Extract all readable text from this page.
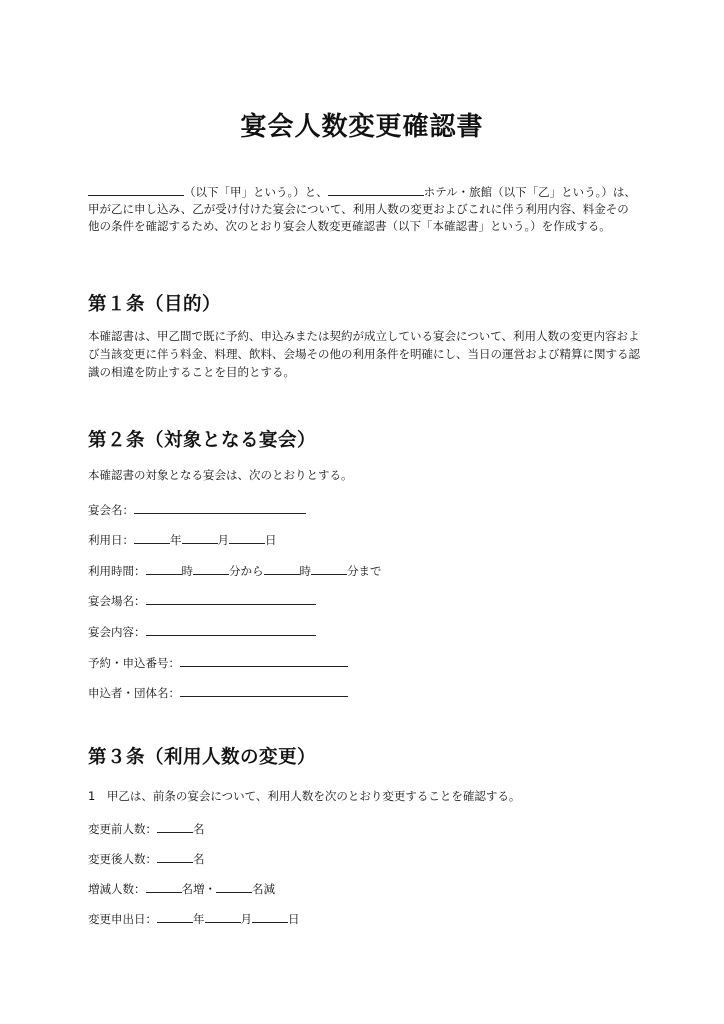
宴会人数変更確認書

（以下「甲」という。）と、	ホテル・旅館（以下「乙」という。）は、甲が乙に申し込み、乙が受け付けた宴会について、利用人数の変更およびこれに伴う利用内容、料金その他の条件を確認するため、次のとおり宴会人数変更確認書（以下「本確認書」という。）を作成する。

第１条（目的）

本確認書は、甲乙間で既に予約、申込みまたは契約が成立している宴会について、利用人数の変更内容および当該変更に伴う料金、料理、飲料、会場その他の利用条件を明確にし、当日の運営および精算に関する認識の相違を防止することを目的とする。

第２条（対象となる宴会）

本確認書の対象となる宴会は、次のとおりとする。

宴会名：

利用日：	年	月	日

利用時間：	時	分から	時	分まで

宴会場名：

宴会内容：

予約・申込番号：

申込者・団体名：

第３条（利用人数の変更）

1　甲乙は、前条の宴会について、利用人数を次のとおり変更することを確認する。

変更前人数：	名

変更後人数：	名

増減人数：	名増・	名減

変更申出日：	年	月	日
